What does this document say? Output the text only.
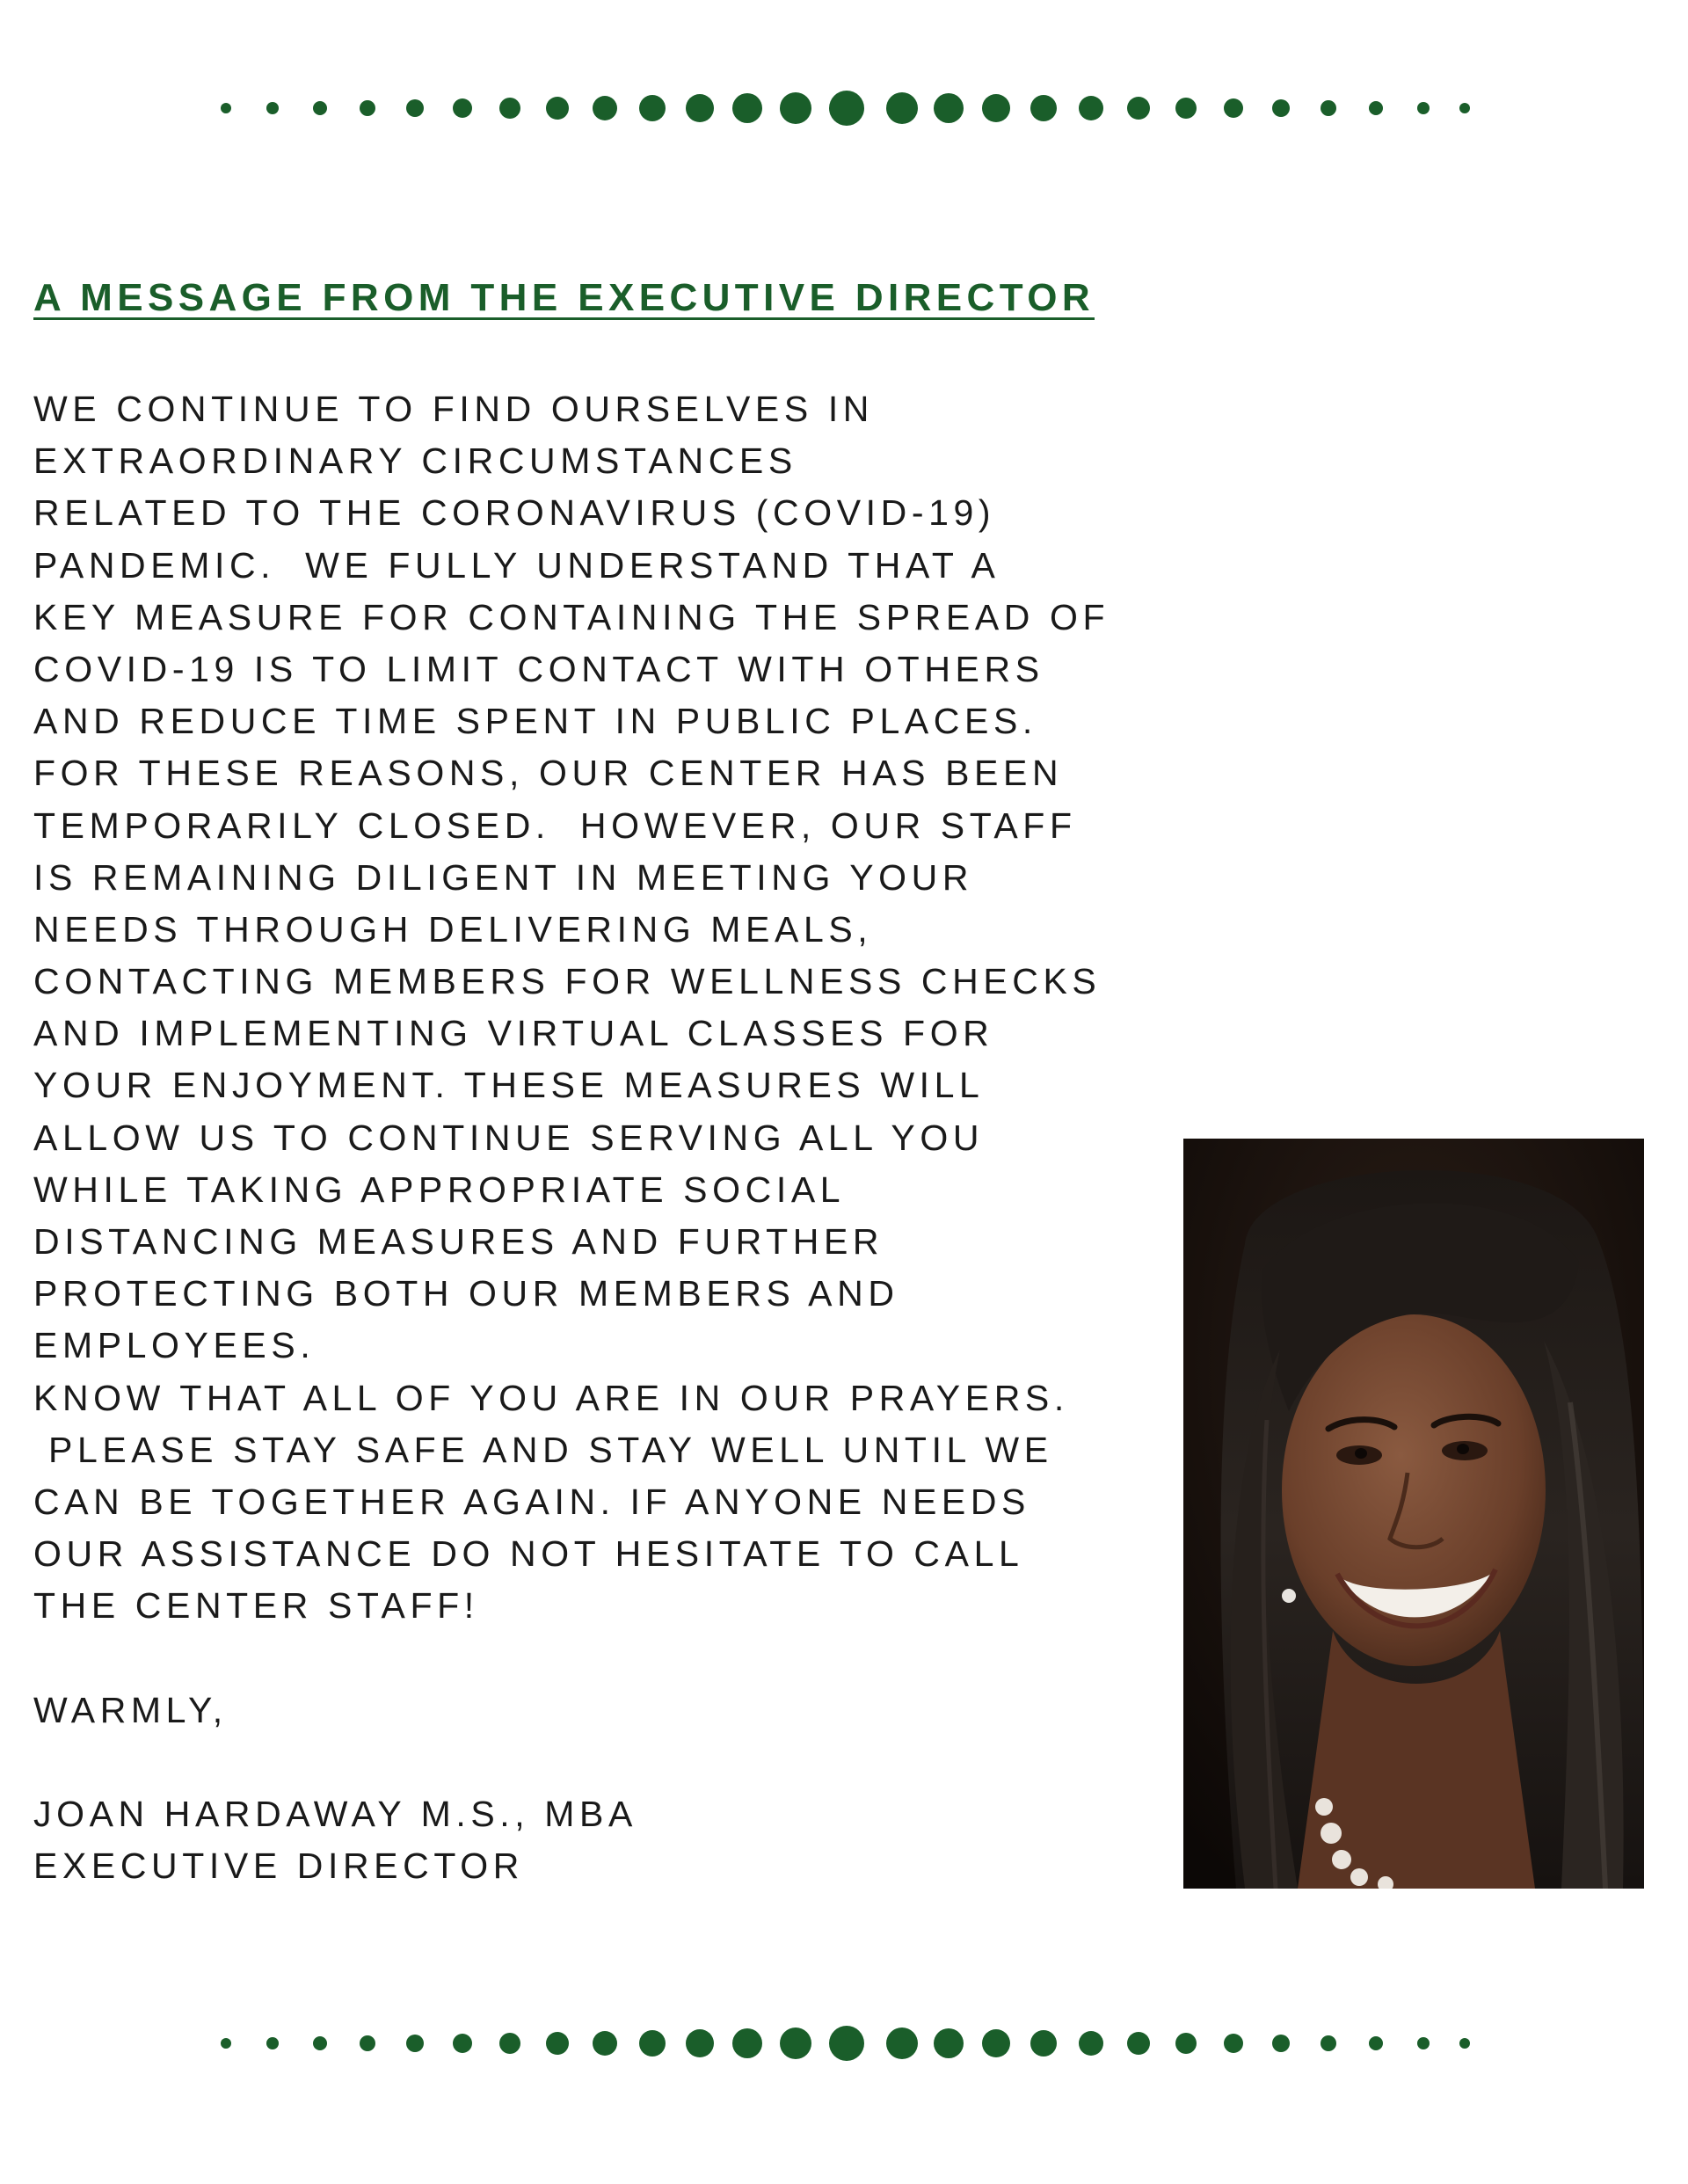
A MESSAGE FROM THE EXECUTIVE DIRECTOR
WE CONTINUE TO FIND OURSELVES IN
EXTRAORDINARY CIRCUMSTANCES
RELATED TO THE CORONAVIRUS (COVID-19)
PANDEMIC.  WE FULLY UNDERSTAND THAT A
KEY MEASURE FOR CONTAINING THE SPREAD OF
COVID-19 IS TO LIMIT CONTACT WITH OTHERS
AND REDUCE TIME SPENT IN PUBLIC PLACES.
FOR THESE REASONS, OUR CENTER HAS BEEN
TEMPORARILY CLOSED.  HOWEVER, OUR STAFF
IS REMAINING DILIGENT IN MEETING YOUR
NEEDS THROUGH DELIVERING MEALS,
CONTACTING MEMBERS FOR WELLNESS CHECKS
AND IMPLEMENTING VIRTUAL CLASSES FOR
YOUR ENJOYMENT. THESE MEASURES WILL
ALLOW US TO CONTINUE SERVING ALL YOU
WHILE TAKING APPROPRIATE SOCIAL
DISTANCING MEASURES AND FURTHER
PROTECTING BOTH OUR MEMBERS AND
EMPLOYEES.
KNOW THAT ALL OF YOU ARE IN OUR PRAYERS.
PLEASE STAY SAFE AND STAY WELL UNTIL WE
CAN BE TOGETHER AGAIN. IF ANYONE NEEDS
OUR ASSISTANCE DO NOT HESITATE TO CALL
THE CENTER STAFF!
WARMLY,
JOAN HARDAWAY M.S., MBA
EXECUTIVE DIRECTOR
